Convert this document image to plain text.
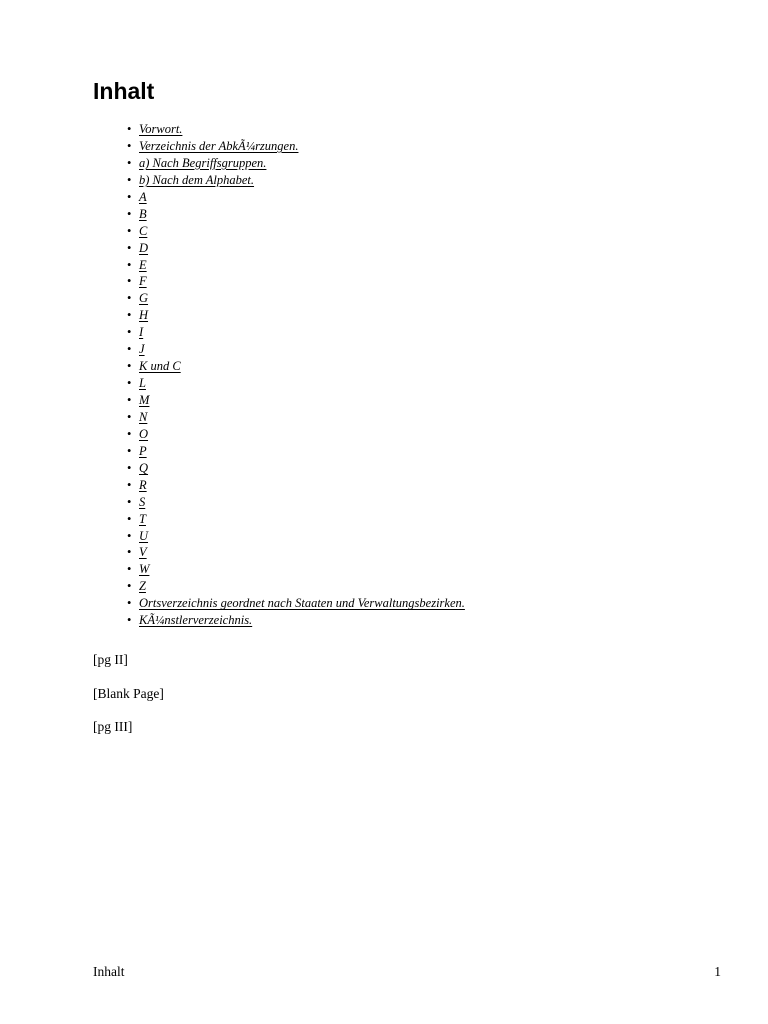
Inhalt
• Vorwort.
• Verzeichnis der AbkÃ¼rzungen.
• a) Nach Begriffsgruppen.
• b) Nach dem Alphabet.
• A
• B
• C
• D
• E
• F
• G
• H
• I
• J
• K und C
• L
• M
• N
• O
• P
• Q
• R
• S
• T
• U
• V
• W
• Z
• Ortsverzeichnis geordnet nach Staaten und Verwaltungsbezirken.
• KÃ¼nstlerverzeichnis.

[pg II]

[Blank Page]

[pg III]

Inhalt	1
